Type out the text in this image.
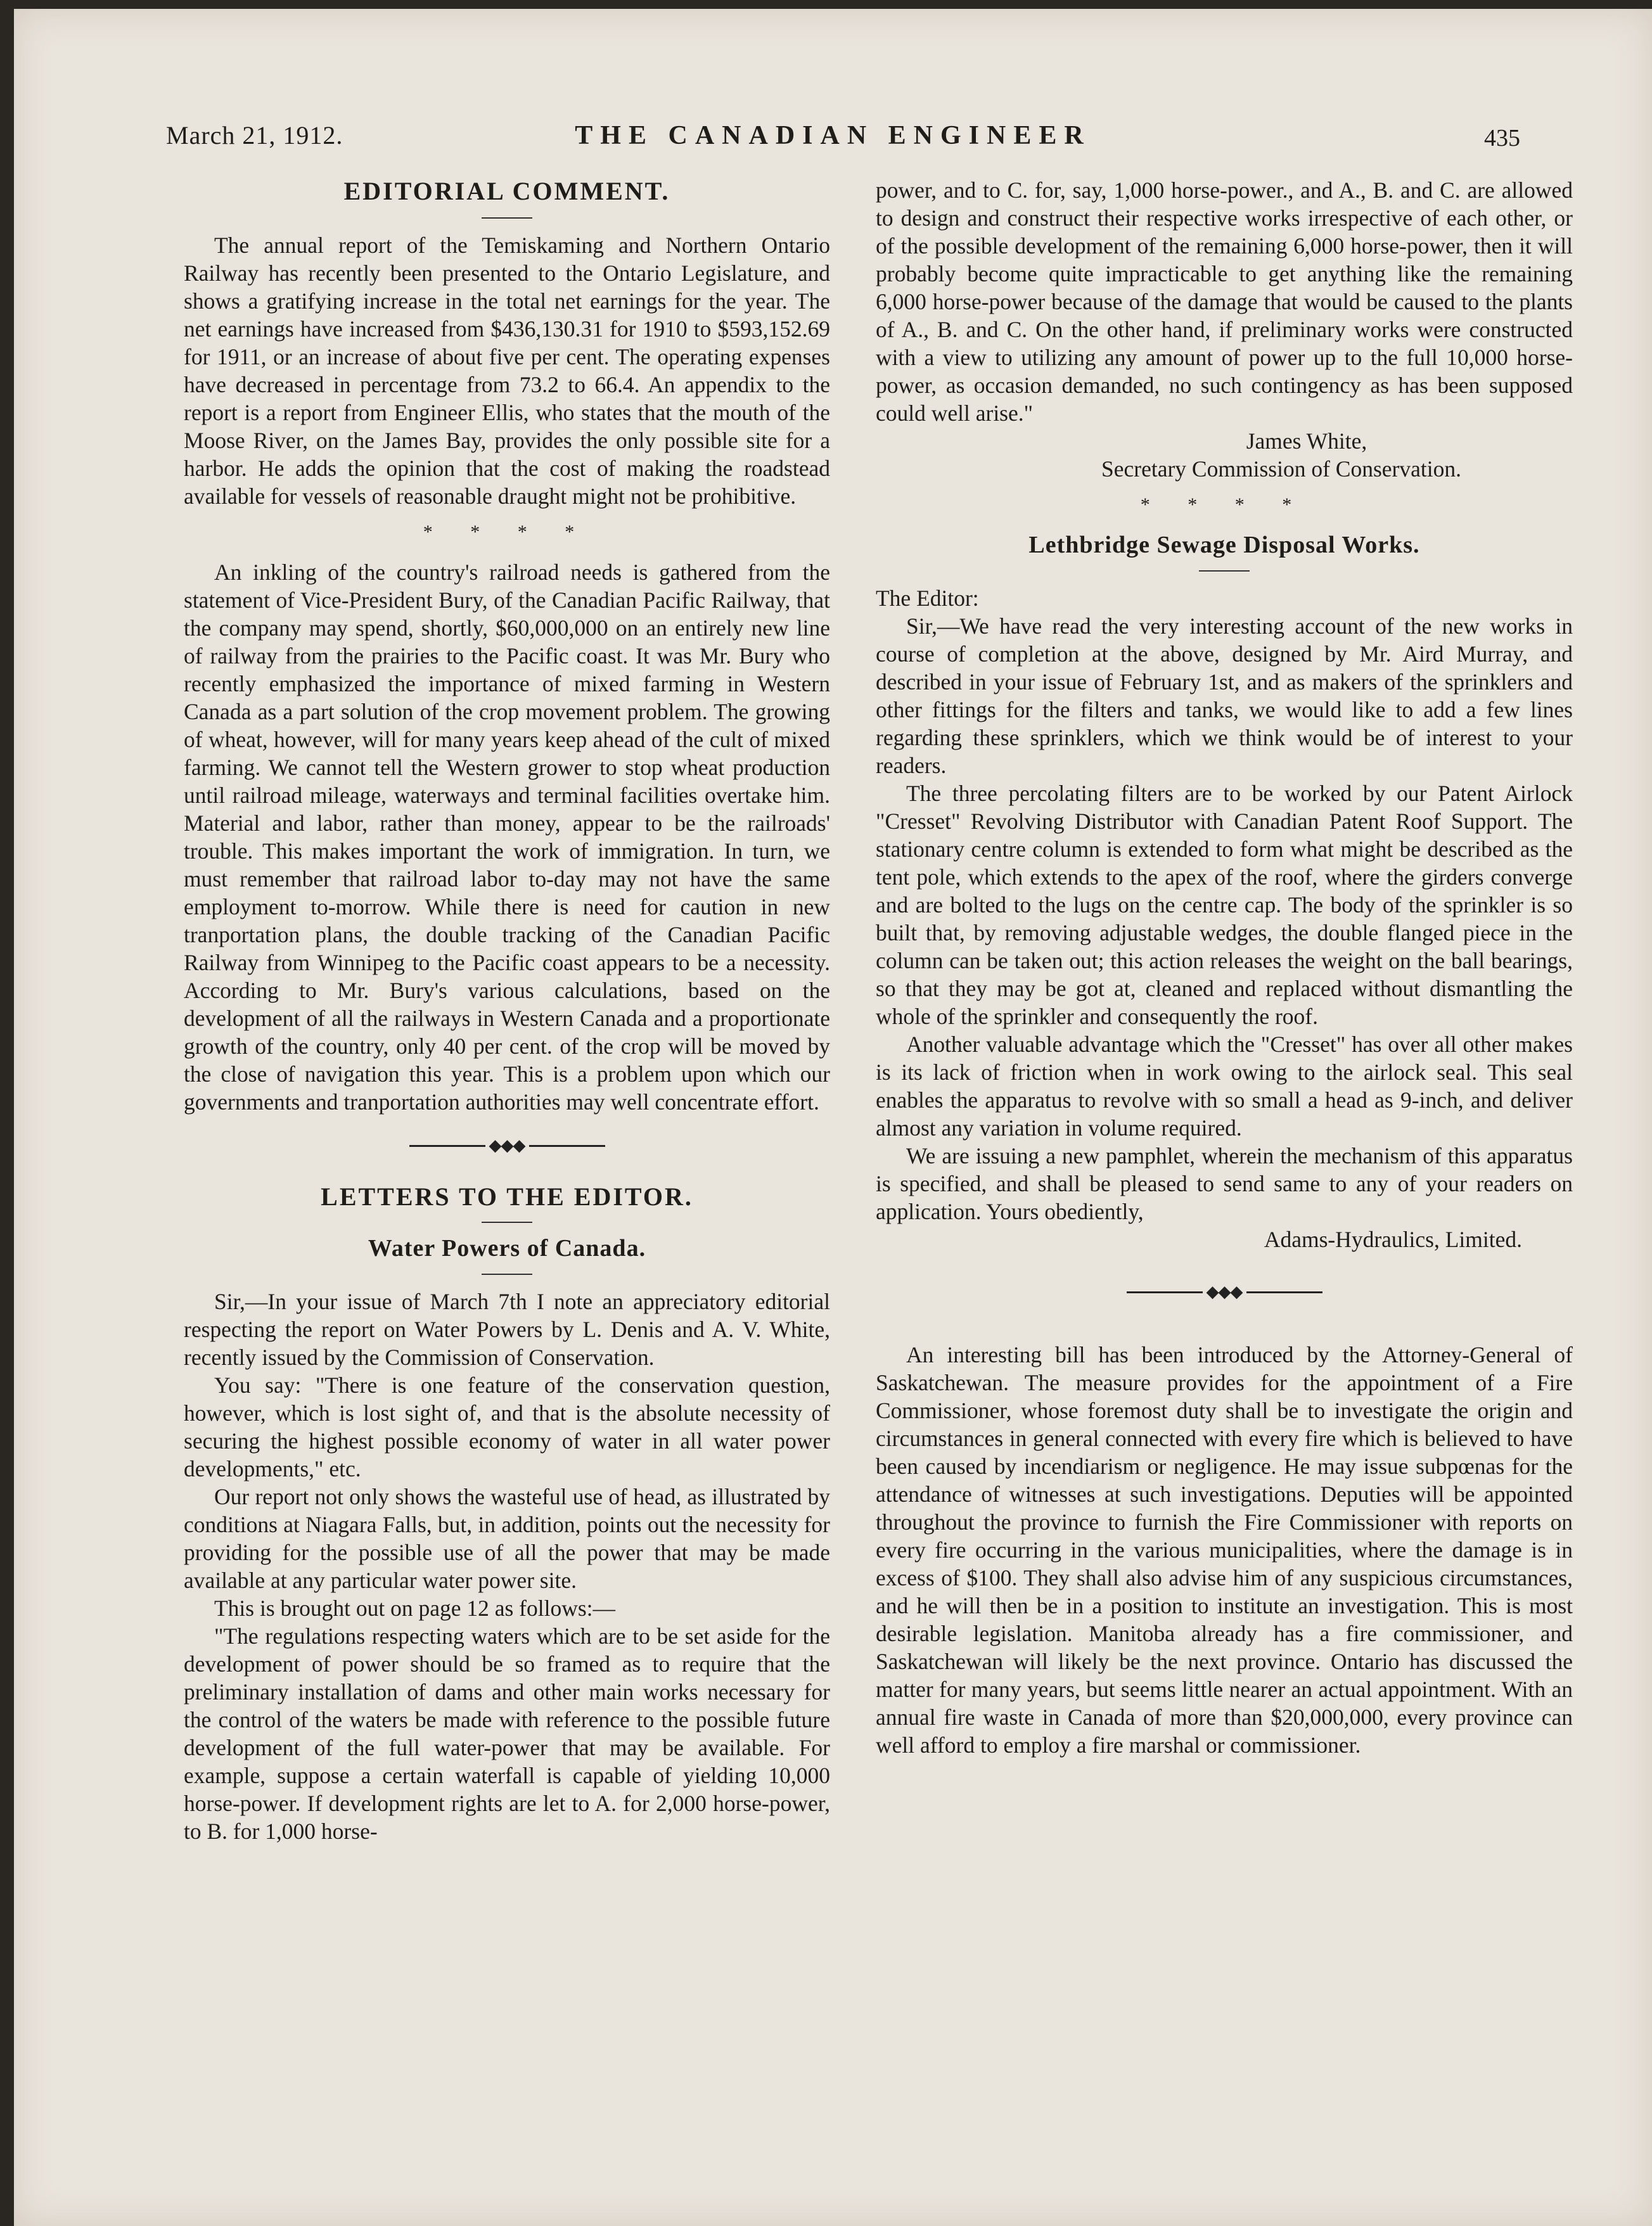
March 21, 1912.	THE CANADIAN ENGINEER	435
EDITORIAL COMMENT.

The annual report of the Temiskaming and Northern Ontario Railway has recently been presented to the Ontario Legislature, and shows a gratifying increase in the total net earnings for the year. The net earnings have increased from $436,130.31 for 1910 to $593,152.69 for 1911, or an increase of about five per cent. The operating expenses have decreased in percentage from 73.2 to 66.4. An appendix to the report is a report from Engineer Ellis, who states that the mouth of the Moose River, on the James Bay, provides the only possible site for a harbor. He adds the opinion that the cost of making the roadstead available for vessels of reasonable draught might not be prohibitive.

* * * *

An inkling of the country's railroad needs is gathered from the statement of Vice-President Bury, of the Canadian Pacific Railway, that the company may spend, shortly, $60,000,000 on an entirely new line of railway from the prairies to the Pacific coast. It was Mr. Bury who recently emphasized the importance of mixed farming in Western Canada as a part solution of the crop movement problem. The growing of wheat, however, will for many years keep ahead of the cult of mixed farming. We cannot tell the Western grower to stop wheat production until railroad mileage, waterways and terminal facilities overtake him. Material and labor, rather than money, appear to be the railroads' trouble. This makes important the work of immigration. In turn, we must remember that railroad labor to-day may not have the same employment to-morrow. While there is need for caution in new tranportation plans, the double tracking of the Canadian Pacific Railway from Winnipeg to the Pacific coast appears to be a necessity. According to Mr. Bury's various calculations, based on the development of all the railways in Western Canada and a proportionate growth of the country, only 40 per cent. of the crop will be moved by the close of navigation this year. This is a problem upon which our governments and tranportation authorities may well concentrate effort.

◆◆◆
LETTERS TO THE EDITOR.
Water Powers of Canada.

Sir,—In your issue of March 7th I note an appreciatory editorial respecting the report on Water Powers by L. Denis and A. V. White, recently issued by the Commission of Conservation.

You say: "There is one feature of the conservation question, however, which is lost sight of, and that is the absolute necessity of securing the highest possible economy of water in all water power developments," etc.

Our report not only shows the wasteful use of head, as illustrated by conditions at Niagara Falls, but, in addition, points out the necessity for providing for the possible use of all the power that may be made available at any particular water power site.

This is brought out on page 12 as follows:—

"The regulations respecting waters which are to be set aside for the development of power should be so framed as to require that the preliminary installation of dams and other main works necessary for the control of the waters be made with reference to the possible future development of the full water-power that may be available. For example, suppose a certain waterfall is capable of yielding 10,000 horse-power. If development rights are let to A. for 2,000 horse-power, to B. for 1,000 horse-

power, and to C. for, say, 1,000 horse-power., and A., B. and C. are allowed to design and construct their respective works irrespective of each other, or of the possible development of the remaining 6,000 horse-power, then it will probably become quite impracticable to get anything like the remaining 6,000 horse-power because of the damage that would be caused to the plants of A., B. and C. On the other hand, if preliminary works were constructed with a view to utilizing any amount of power up to the full 10,000 horse-power, as occasion demanded, no such contingency as has been supposed could well arise."

James White,
Secretary Commission of Conservation.
* * * *
Lethbridge Sewage Disposal Works.
The Editor:

Sir,—We have read the very interesting account of the new works in course of completion at the above, designed by Mr. Aird Murray, and described in your issue of February 1st, and as makers of the sprinklers and other fittings for the filters and tanks, we would like to add a few lines regarding these sprinklers, which we think would be of interest to your readers.

The three percolating filters are to be worked by our Patent Airlock "Cresset" Revolving Distributor with Canadian Patent Roof Support. The stationary centre column is extended to form what might be described as the tent pole, which extends to the apex of the roof, where the girders converge and are bolted to the lugs on the centre cap. The body of the sprinkler is so built that, by removing adjustable wedges, the double flanged piece in the column can be taken out; this action releases the weight on the ball bearings, so that they may be got at, cleaned and replaced without dismantling the whole of the sprinkler and consequently the roof.

Another valuable advantage which the "Cresset" has over all other makes is its lack of friction when in work owing to the airlock seal. This seal enables the apparatus to revolve with so small a head as 9-inch, and deliver almost any variation in volume required.

We are issuing a new pamphlet, wherein the mechanism of this apparatus is specified, and shall be pleased to send same to any of your readers on application. Yours obediently,

Adams-Hydraulics, Limited.
◆◆◆

An interesting bill has been introduced by the Attorney-General of Saskatchewan. The measure provides for the appointment of a Fire Commissioner, whose foremost duty shall be to investigate the origin and circumstances in general connected with every fire which is believed to have been caused by incendiarism or negligence. He may issue subpœnas for the attendance of witnesses at such investigations. Deputies will be appointed throughout the province to furnish the Fire Commissioner with reports on every fire occurring in the various municipalities, where the damage is in excess of $100. They shall also advise him of any suspicious circumstances, and he will then be in a position to institute an investigation. This is most desirable legislation. Manitoba already has a fire commissioner, and Saskatchewan will likely be the next province. Ontario has discussed the matter for many years, but seems little nearer an actual appointment. With an annual fire waste in Canada of more than $20,000,000, every province can well afford to employ a fire marshal or commissioner.
